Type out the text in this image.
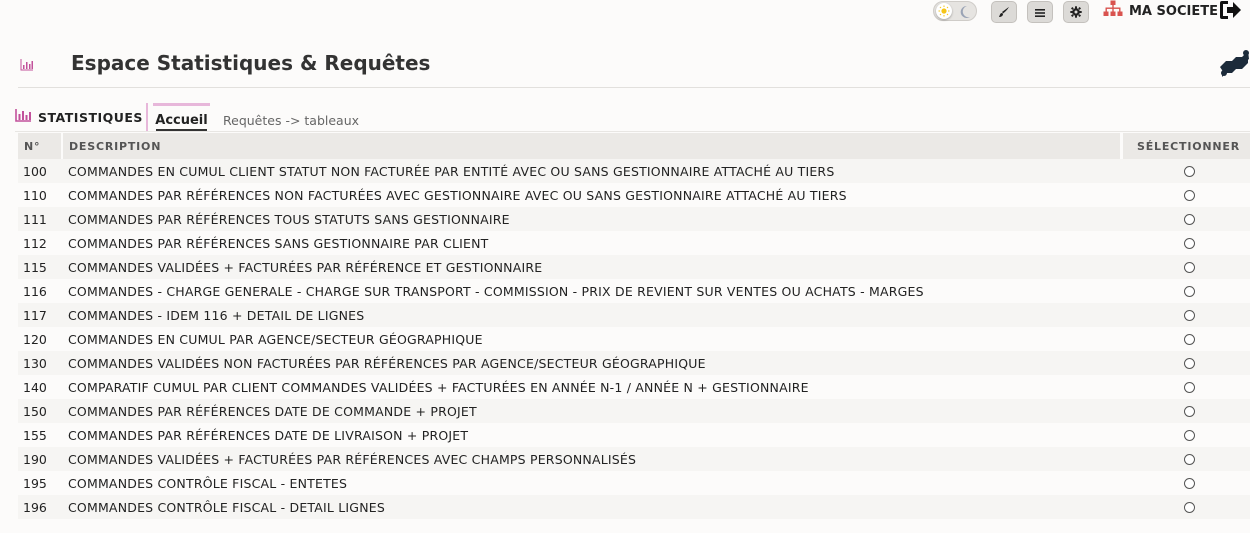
MA SOCIETE
Espace Statistiques & Requêtes
STATISTIQUES Accueil Requêtes -> tableaux
N°	DESCRIPTION	SÉLECTIONNER
100	COMMANDES EN CUMUL CLIENT STATUT NON FACTURÉE PAR ENTITÉ AVEC OU SANS GESTIONNAIRE ATTACHÉ AU TIERS
110	COMMANDES PAR RÉFÉRENCES NON FACTURÉES AVEC GESTIONNAIRE AVEC OU SANS GESTIONNAIRE ATTACHÉ AU TIERS
111	COMMANDES PAR RÉFÉRENCES TOUS STATUTS SANS GESTIONNAIRE
112	COMMANDES PAR RÉFÉRENCES SANS GESTIONNAIRE PAR CLIENT
115	COMMANDES VALIDÉES + FACTURÉES PAR RÉFÉRENCE ET GESTIONNAIRE
116	COMMANDES - CHARGE GENERALE - CHARGE SUR TRANSPORT - COMMISSION - PRIX DE REVIENT SUR VENTES OU ACHATS - MARGES
117	COMMANDES - IDEM 116 + DETAIL DE LIGNES
120	COMMANDES EN CUMUL PAR AGENCE/SECTEUR GÉOGRAPHIQUE
130	COMMANDES VALIDÉES NON FACTURÉES PAR RÉFÉRENCES PAR AGENCE/SECTEUR GÉOGRAPHIQUE
140	COMPARATIF CUMUL PAR CLIENT COMMANDES VALIDÉES + FACTURÉES EN ANNÉE N-1 / ANNÉE N + GESTIONNAIRE
150	COMMANDES PAR RÉFÉRENCES DATE DE COMMANDE + PROJET
155	COMMANDES PAR RÉFÉRENCES DATE DE LIVRAISON + PROJET
190	COMMANDES VALIDÉES + FACTURÉES PAR RÉFÉRENCES AVEC CHAMPS PERSONNALISÉS
195	COMMANDES CONTRÔLE FISCAL - ENTETES
196	COMMANDES CONTRÔLE FISCAL - DETAIL LIGNES
